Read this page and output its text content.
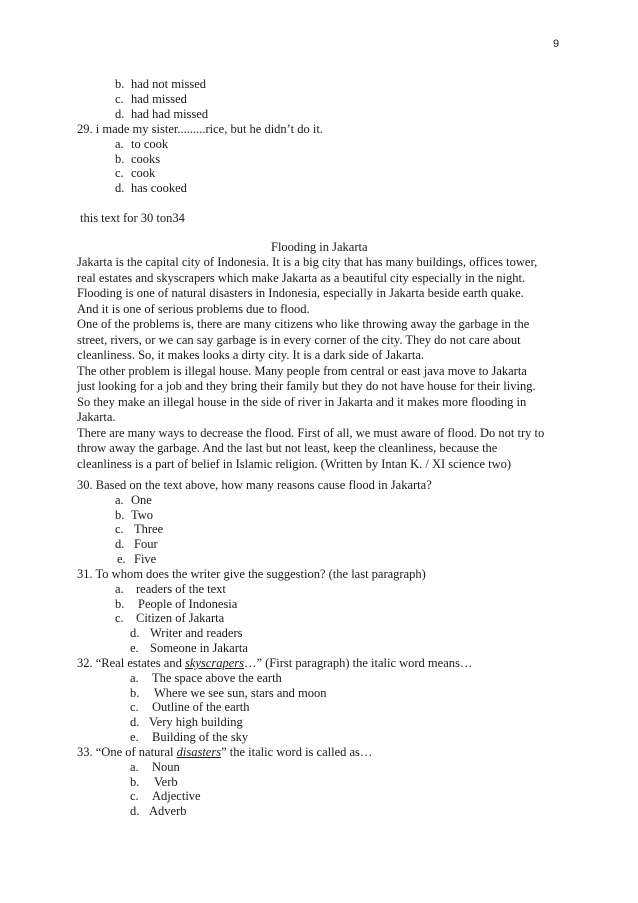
9
b. had not missed
c. had missed
d. had had missed
29. i made my sister.........rice, but he didn’t do it.
a. to cook
b. cooks
c. cook
d. has cooked
this text for 30 ton34
Flooding in Jakarta
Jakarta is the capital city of Indonesia. It is a big city that has many buildings, offices tower,
real estates and skyscrapers which make Jakarta as a beautiful city especially in the night.
Flooding is one of natural disasters in Indonesia, especially in Jakarta beside earth quake.
And it is one of serious problems due to flood.
One of the problems is, there are many citizens who like throwing away the garbage in the
street, rivers, or we can say garbage is in every corner of the city. They do not care about
cleanliness. So, it makes looks a dirty city. It is a dark side of Jakarta.
The other problem is illegal house. Many people from central or east java move to Jakarta
just looking for a job and they bring their family but they do not have house for their living.
So they make an illegal house in the side of river in Jakarta and it makes more flooding in
Jakarta.
There are many ways to decrease the flood. First of all, we must aware of flood. Do not try to
throw away the garbage. And the last but not least, keep the cleanliness, because the
cleanliness is a part of belief in Islamic religion. (Written by Intan K. / XI science two)
30. Based on the text above, how many reasons cause flood in Jakarta?
a. One
b. Two
c. Three
d. Four
e. Five
31. To whom does the writer give the suggestion? (the last paragraph)
a. readers of the text
b. People of Indonesia
c. Citizen of Jakarta
d. Writer and readers
e. Someone in Jakarta
32. “Real estates and skyscrapers…” (First paragraph) the italic word means…
a. The space above the earth
b. Where we see sun, stars and moon
c. Outline of the earth
d. Very high building
e. Building of the sky
33. “One of natural disasters” the italic word is called as…
a. Noun
b. Verb
c. Adjective
d. Adverb
